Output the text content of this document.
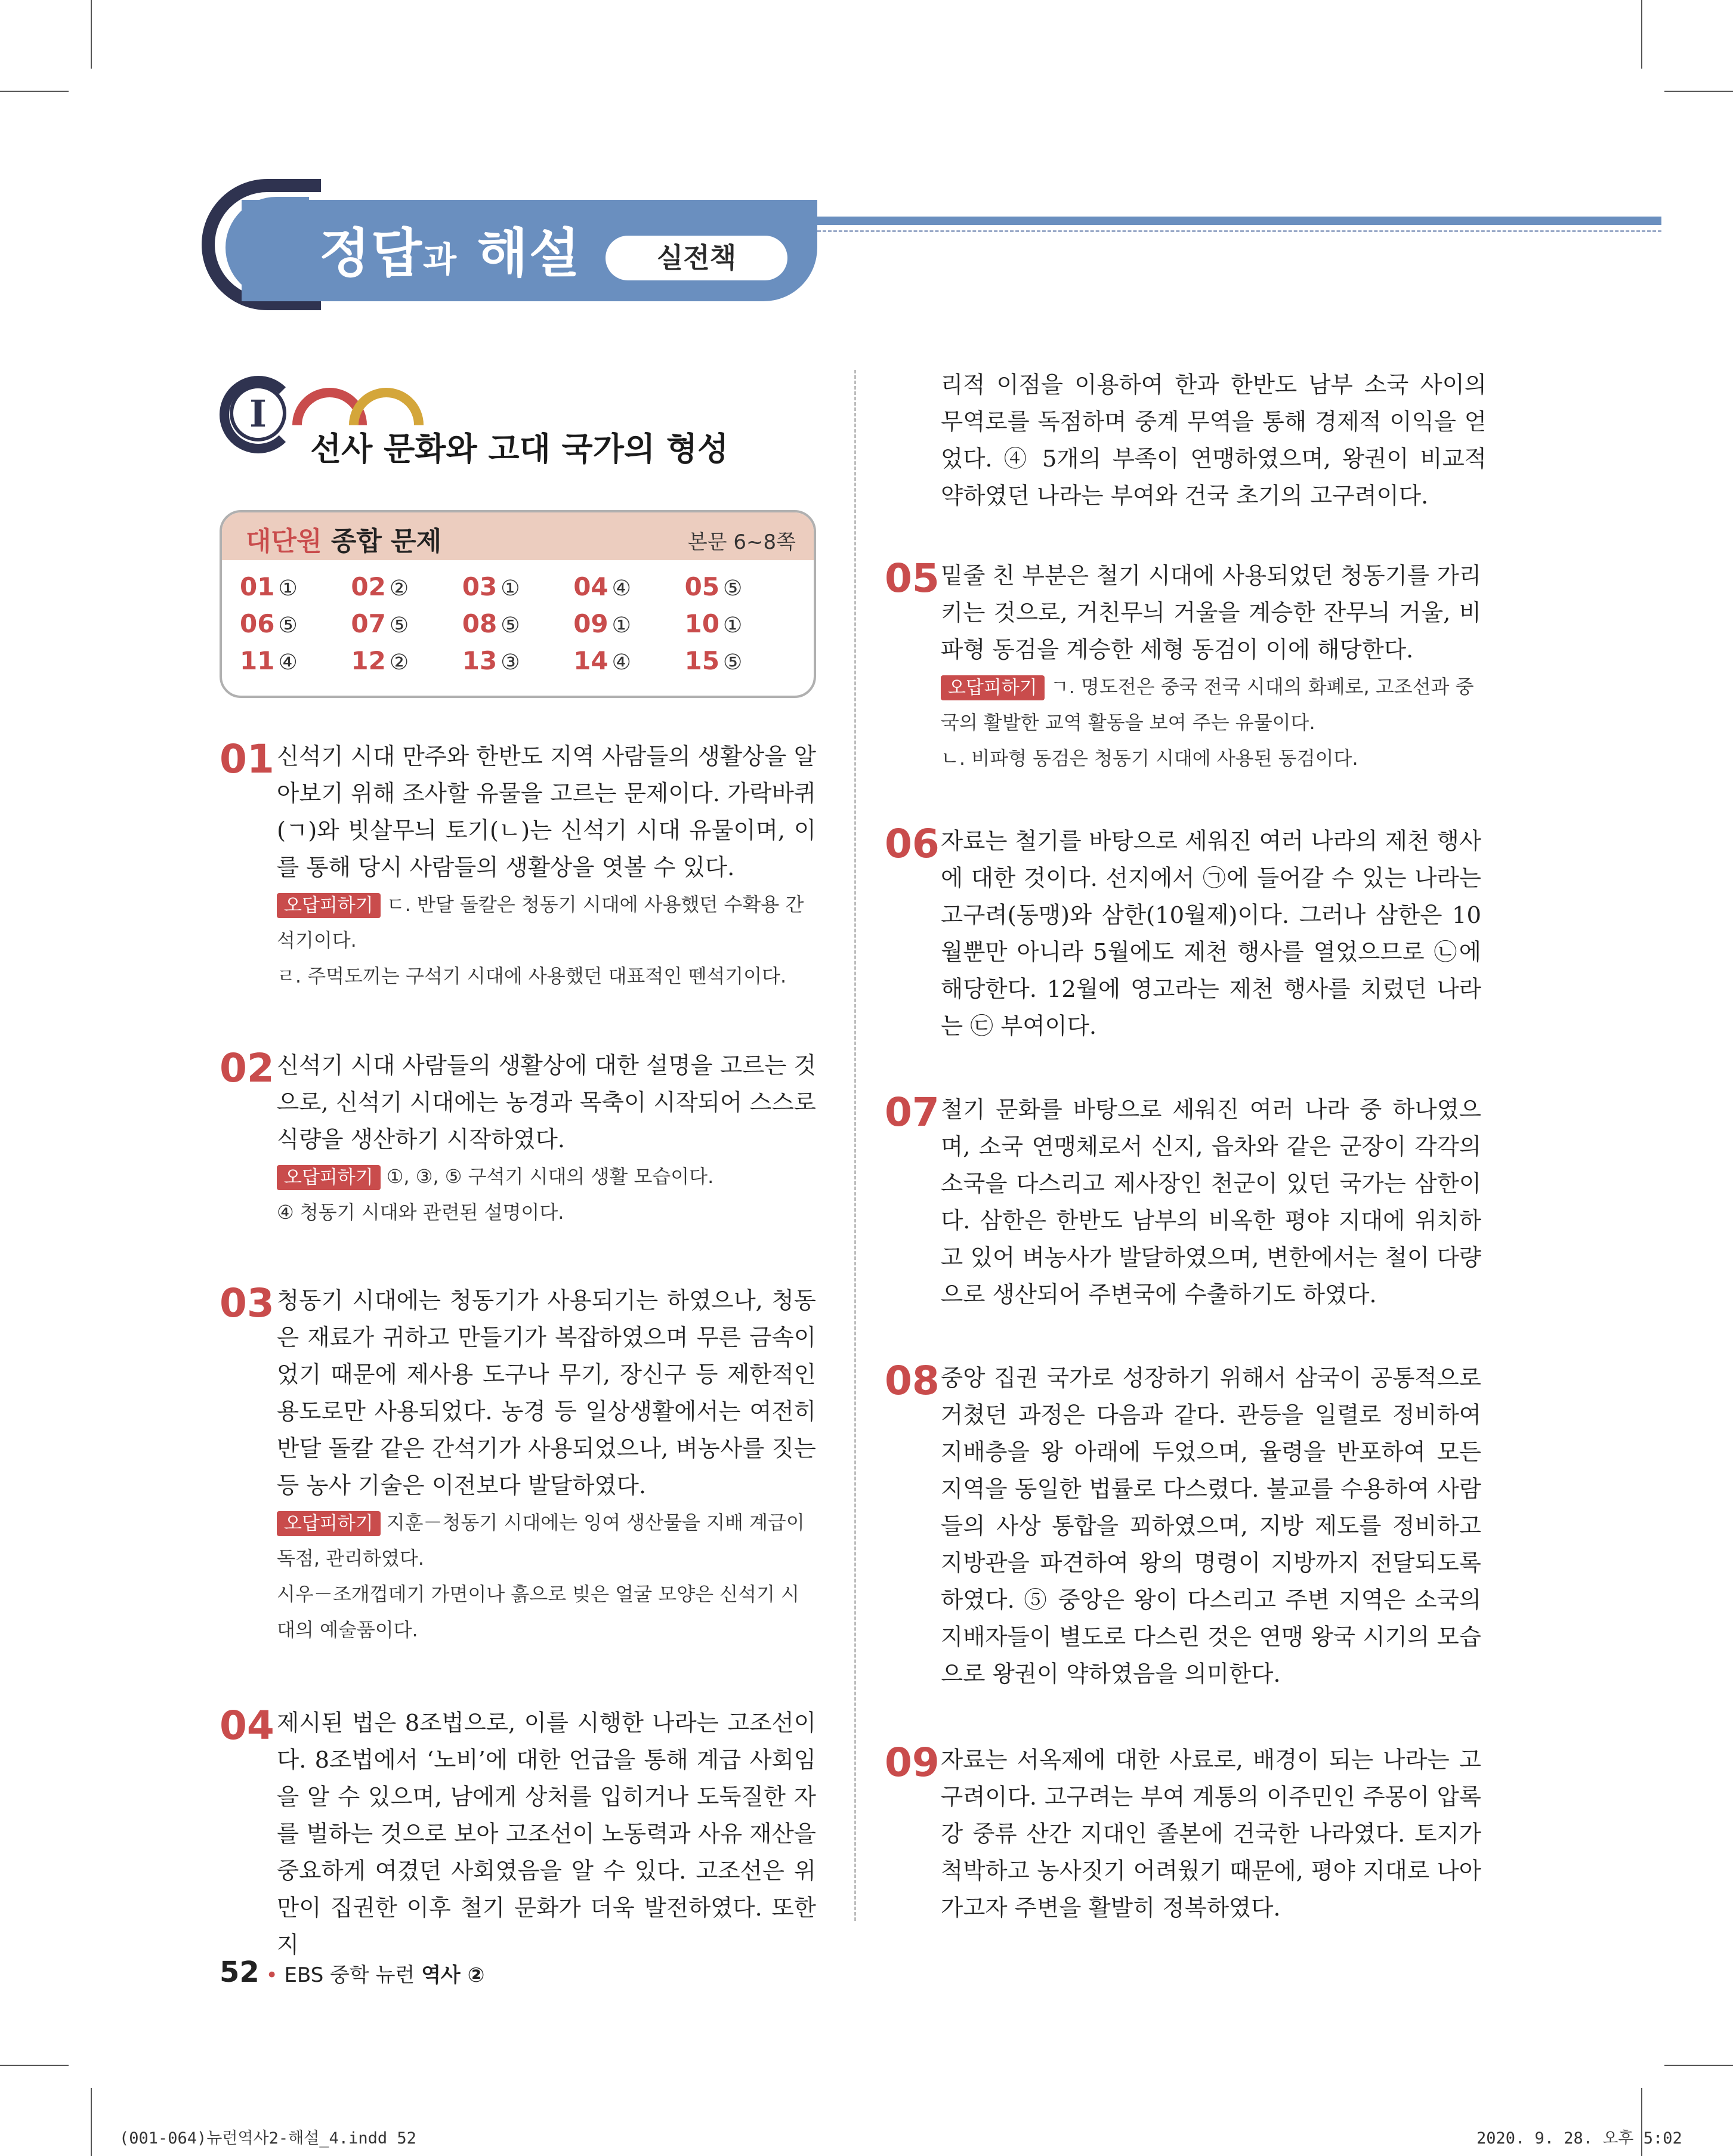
정답과 해설	실전책
I
선사 문화와 고대 국가의 형성
대단원 종합 문제	본문 6~8쪽
01 ①	02 ②	03 ①	04 ④	05 ⑤
06 ⑤	07 ⑤	08 ⑤	09 ①	10 ①
11 ④	12 ②	13 ③	14 ④	15 ⑤
01 신석기 시대 만주와 한반도 지역 사람들의 생활상을 알아보기 위해 조사할 유물을 고르는 문제이다. 가락바퀴(ㄱ)와 빗살무늬 토기(ㄴ)는 신석기 시대 유물이며, 이를 통해 당시 사람들의 생활상을 엿볼 수 있다.
오답피하기 ㄷ. 반달 돌칼은 청동기 시대에 사용했던 수확용 간석기이다.
ㄹ. 주먹도끼는 구석기 시대에 사용했던 대표적인 뗀석기이다.
02 신석기 시대 사람들의 생활상에 대한 설명을 고르는 것으로, 신석기 시대에는 농경과 목축이 시작되어 스스로 식량을 생산하기 시작하였다.
오답피하기 ①, ③, ⑤ 구석기 시대의 생활 모습이다.
④ 청동기 시대와 관련된 설명이다.
03 청동기 시대에는 청동기가 사용되기는 하였으나, 청동은 재료가 귀하고 만들기가 복잡하였으며 무른 금속이었기 때문에 제사용 도구나 무기, 장신구 등 제한적인 용도로만 사용되었다. 농경 등 일상생활에서는 여전히 반달 돌칼 같은 간석기가 사용되었으나, 벼농사를 짓는 등 농사 기술은 이전보다 발달하였다.
오답피하기 지훈－청동기 시대에는 잉여 생산물을 지배 계급이 독점, 관리하였다.
시우－조개껍데기 가면이나 흙으로 빚은 얼굴 모양은 신석기 시대의 예술품이다.
04 제시된 법은 8조법으로, 이를 시행한 나라는 고조선이다. 8조법에서 ‘노비’에 대한 언급을 통해 계급 사회임을 알 수 있으며, 남에게 상처를 입히거나 도둑질한 자를 벌하는 것으로 보아 고조선이 노동력과 사유 재산을 중요하게 여겼던 사회였음을 알 수 있다. 고조선은 위만이 집권한 이후 철기 문화가 더욱 발전하였다. 또한 지
리적 이점을 이용하여 한과 한반도 남부 소국 사이의 무역로를 독점하며 중계 무역을 통해 경제적 이익을 얻었다. ④ 5개의 부족이 연맹하였으며, 왕권이 비교적 약하였던 나라는 부여와 건국 초기의 고구려이다.
05 밑줄 친 부분은 철기 시대에 사용되었던 청동기를 가리키는 것으로, 거친무늬 거울을 계승한 잔무늬 거울, 비파형 동검을 계승한 세형 동검이 이에 해당한다.
오답피하기 ㄱ. 명도전은 중국 전국 시대의 화폐로, 고조선과 중국의 활발한 교역 활동을 보여 주는 유물이다.
ㄴ. 비파형 동검은 청동기 시대에 사용된 동검이다.
06 자료는 철기를 바탕으로 세워진 여러 나라의 제천 행사에 대한 것이다. 선지에서 ㉠에 들어갈 수 있는 나라는 고구려(동맹)와 삼한(10월제)이다. 그러나 삼한은 10월뿐만 아니라 5월에도 제천 행사를 열었으므로 ㉡에 해당한다. 12월에 영고라는 제천 행사를 치렀던 나라는 ㉢ 부여이다.
07 철기 문화를 바탕으로 세워진 여러 나라 중 하나였으며, 소국 연맹체로서 신지, 읍차와 같은 군장이 각각의 소국을 다스리고 제사장인 천군이 있던 국가는 삼한이다. 삼한은 한반도 남부의 비옥한 평야 지대에 위치하고 있어 벼농사가 발달하였으며, 변한에서는 철이 다량으로 생산되어 주변국에 수출하기도 하였다.
08 중앙 집권 국가로 성장하기 위해서 삼국이 공통적으로 거쳤던 과정은 다음과 같다. 관등을 일렬로 정비하여 지배층을 왕 아래에 두었으며, 율령을 반포하여 모든 지역을 동일한 법률로 다스렸다. 불교를 수용하여 사람들의 사상 통합을 꾀하였으며, 지방 제도를 정비하고 지방관을 파견하여 왕의 명령이 지방까지 전달되도록 하였다. ⑤ 중앙은 왕이 다스리고 주변 지역은 소국의 지배자들이 별도로 다스린 것은 연맹 왕국 시기의 모습으로 왕권이 약하였음을 의미한다.
09 자료는 서옥제에 대한 사료로, 배경이 되는 나라는 고구려이다. 고구려는 부여 계통의 이주민인 주몽이 압록강 중류 산간 지대인 졸본에 건국한 나라였다. 토지가 척박하고 농사짓기 어려웠기 때문에, 평야 지대로 나아가고자 주변을 활발히 정복하였다.
52 • EBS 중학 뉴런 역사 ②
(001-064)뉴런역사2-해설_4.indd 52	2020. 9. 28. 오후 5:02
